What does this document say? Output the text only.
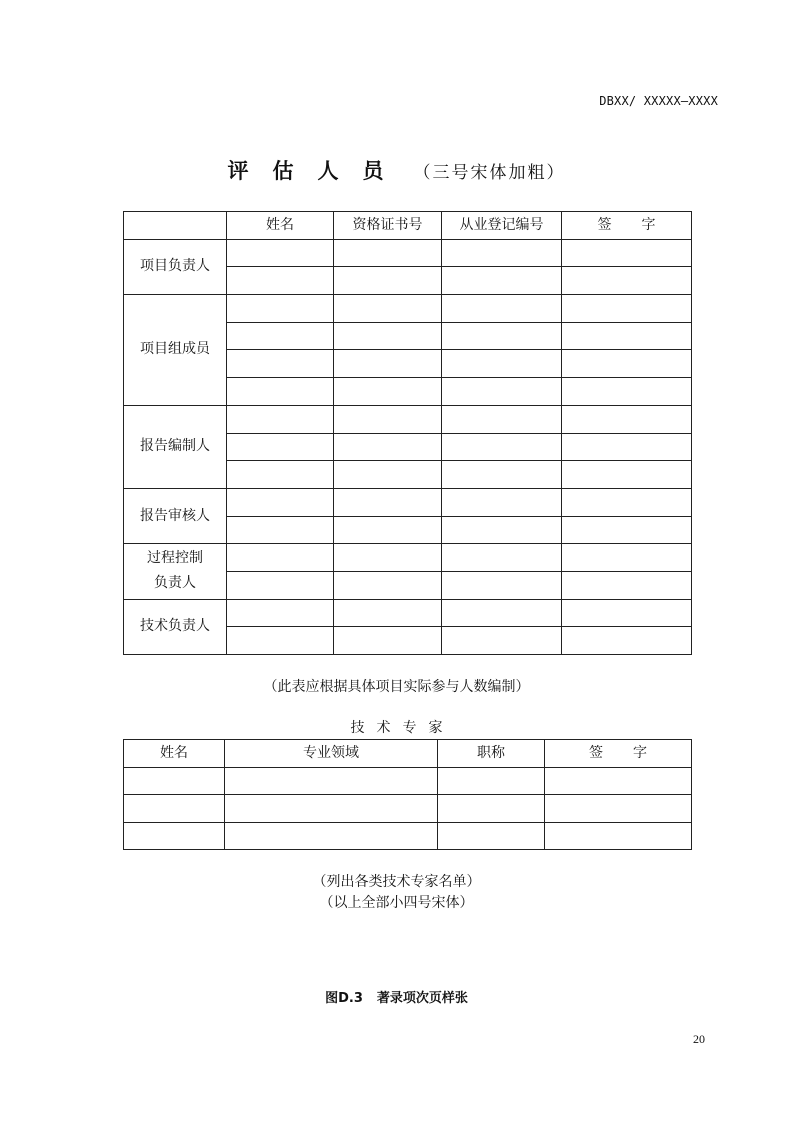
DBXX/ XXXXX—XXXX
评估人员 （三号宋体加粗）
	姓名	资格证书号	从业登记编号	签字
项目负责人				

项目组成员				

报告编制人				

报告审核人				

过程控制
负责人				

技术负责人				

（此表应根据具体项目实际参与人数编制）
技术专家
姓名	专业领域	职称	签字

（列出各类技术专家名单）
（以上全部小四号宋体）
图D.3 著录项次页样张
20
